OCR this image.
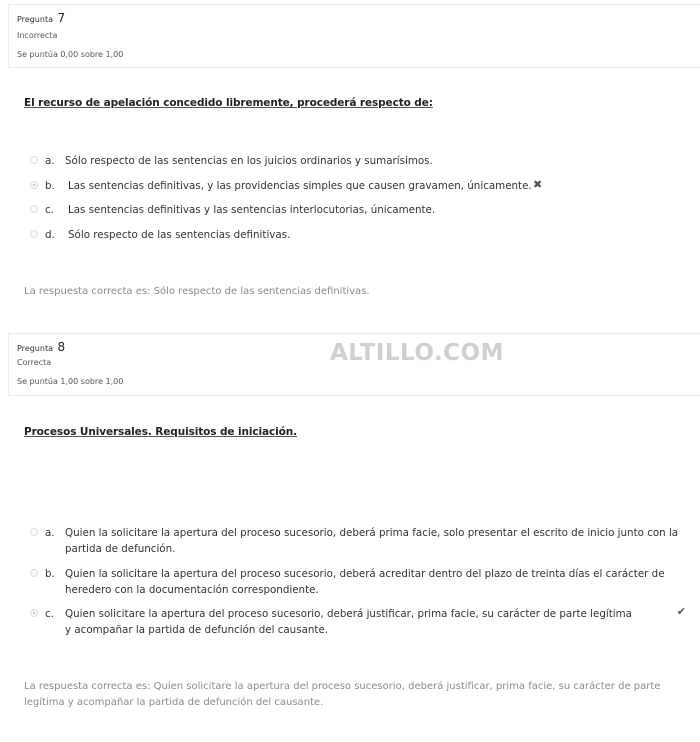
Pregunta 7
Incorrecta
Se puntúa 0,00 sobre 1,00
El recurso de apelación concedido libremente, procederá respecto de:
a. Sólo respecto de las sentencias en los juicios ordinarios y sumarísimos.
b. Las sentencias definitivas, y las providencias simples que causen gravamen, únicamente. ✖
c. Las sentencias definitivas y las sentencias interlocutorias, únicamente.
d. Sólo respecto de las sentencias definitivas.
La respuesta correcta es: Sólo respecto de las sentencias definitivas.
Pregunta 8
Correcta
Se puntúa 1,00 sobre 1,00
ALTILLO.COM
Procesos Universales. Requisitos de iniciación.
a. Quien la solicitare la apertura del proceso sucesorio, deberá prima facie, solo presentar el escrito de inicio junto con la partida de defunción.
b. Quien la solicitare la apertura del proceso sucesorio, deberá acreditar dentro del plazo de treinta días el carácter de heredero con la documentación correspondiente.
c. Quien solicitare la apertura del proceso sucesorio, deberá justificar, prima facie, su carácter de parte legítima y acompañar la partida de defunción del causante.
✔
La respuesta correcta es: Quien solicitare la apertura del proceso sucesorio, deberá justificar, prima facie, su carácter de parte legítima y acompañar la partida de defunción del causante.
